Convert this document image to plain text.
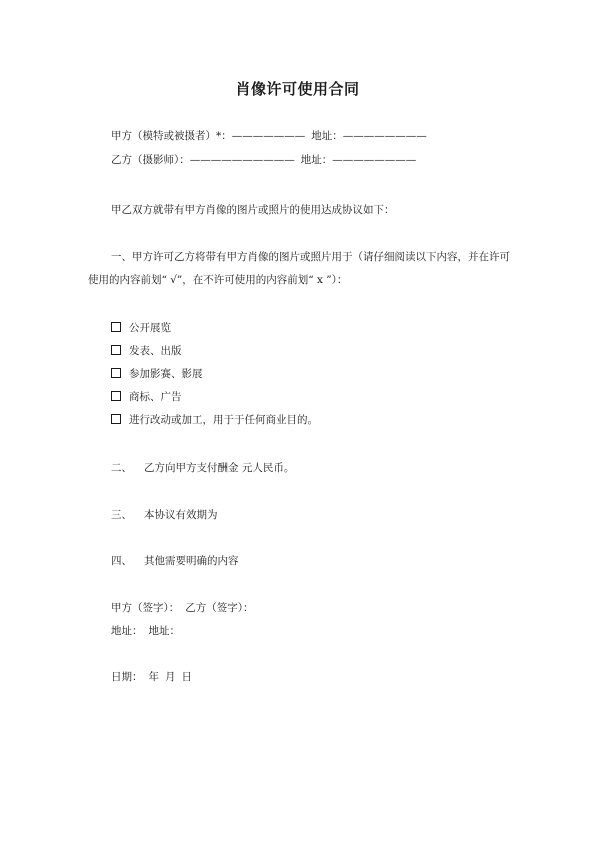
肖像许可使用合同
甲方（模特或被摄者）*：——————— 地址：————————
乙方（摄影师）：—————————— 地址：————————
甲乙双方就带有甲方肖像的图片或照片的使用达成协议如下：
一、甲方许可乙方将带有甲方肖像的图片或照片用于（请仔细阅读以下内容，并在许可
使用的内容前划“ √”，在不许可使用的内容前划“ x ”）：
公开展览
发表、出版
参加影赛、影展
商标、广告
进行改动或加工，用于于任何商业目的。
二、 乙方向甲方支付酬金 元人民币。
三、 本协议有效期为
四、 其他需要明确的内容
甲方（签字）： 乙方（签字）：
地址： 地址：
日期： 年 月 日
